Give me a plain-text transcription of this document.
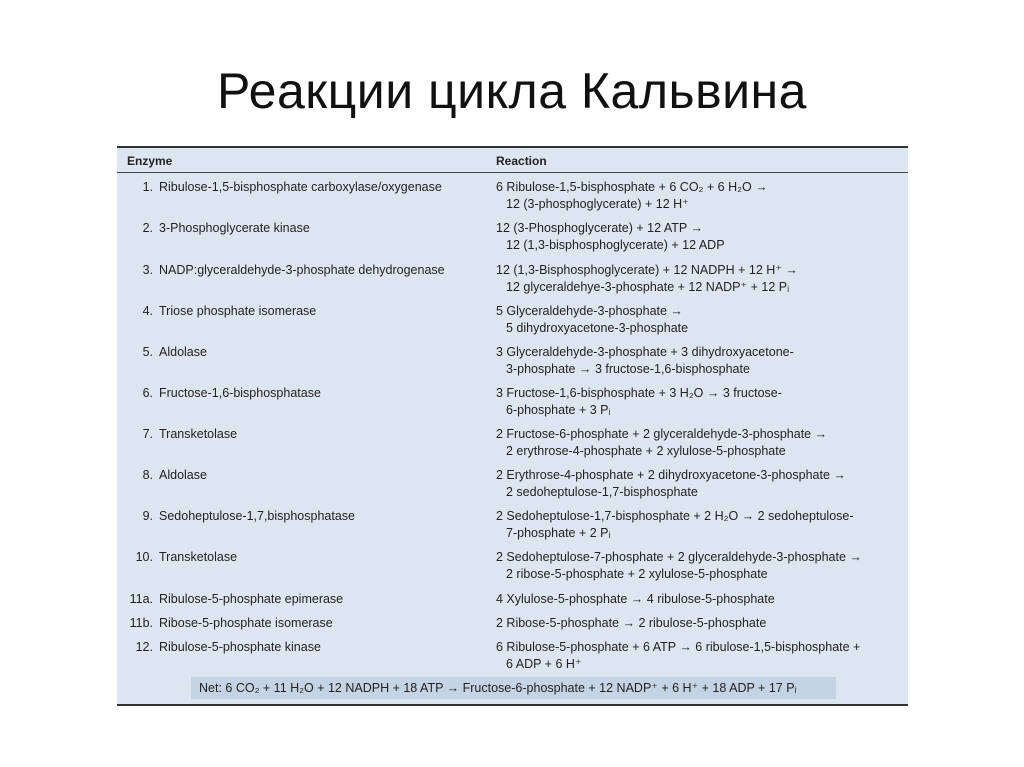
Реакции цикла Кальвина
Enzyme	Reaction
1. Ribulose-1,5-bisphosphate carboxylase/oxygenase	6 Ribulose-1,5-bisphosphate + 6 CO₂ + 6 H₂O →
12 (3-phosphoglycerate) + 12 H⁺
2. 3-Phosphoglycerate kinase	12 (3-Phosphoglycerate) + 12 ATP →
12 (1,3-bisphosphoglycerate) + 12 ADP
3. NADP:glyceraldehyde-3-phosphate dehydrogenase	12 (1,3-Bisphosphoglycerate) + 12 NADPH + 12 H⁺ →
12 glyceraldehye-3-phosphate + 12 NADP⁺ + 12 Pᵢ
4. Triose phosphate isomerase	5 Glyceraldehyde-3-phosphate →
5 dihydroxyacetone-3-phosphate
5. Aldolase	3 Glyceraldehyde-3-phosphate + 3 dihydroxyacetone-
3-phosphate → 3 fructose-1,6-bisphosphate
6. Fructose-1,6-bisphosphatase	3 Fructose-1,6-bisphosphate + 3 H₂O → 3 fructose-
6-phosphate + 3 Pᵢ
7. Transketolase	2 Fructose-6-phosphate + 2 glyceraldehyde-3-phosphate →
2 erythrose-4-phosphate + 2 xylulose-5-phosphate
8. Aldolase	2 Erythrose-4-phosphate + 2 dihydroxyacetone-3-phosphate →
2 sedoheptulose-1,7-bisphosphate
9. Sedoheptulose-1,7,bisphosphatase	2 Sedoheptulose-1,7-bisphosphate + 2 H₂O → 2 sedoheptulose-
7-phosphate + 2 Pᵢ
10. Transketolase	2 Sedoheptulose-7-phosphate + 2 glyceraldehyde-3-phosphate →
2 ribose-5-phosphate + 2 xylulose-5-phosphate
11a. Ribulose-5-phosphate epimerase	4 Xylulose-5-phosphate → 4 ribulose-5-phosphate
11b. Ribose-5-phosphate isomerase	2 Ribose-5-phosphate → 2 ribulose-5-phosphate
12. Ribulose-5-phosphate kinase	6 Ribulose-5-phosphate + 6 ATP → 6 ribulose-1,5-bisphosphate +
6 ADP + 6 H⁺
Net: 6 CO₂ + 11 H₂O + 12 NADPH + 18 ATP → Fructose-6-phosphate + 12 NADP⁺ + 6 H⁺ + 18 ADP + 17 Pᵢ
